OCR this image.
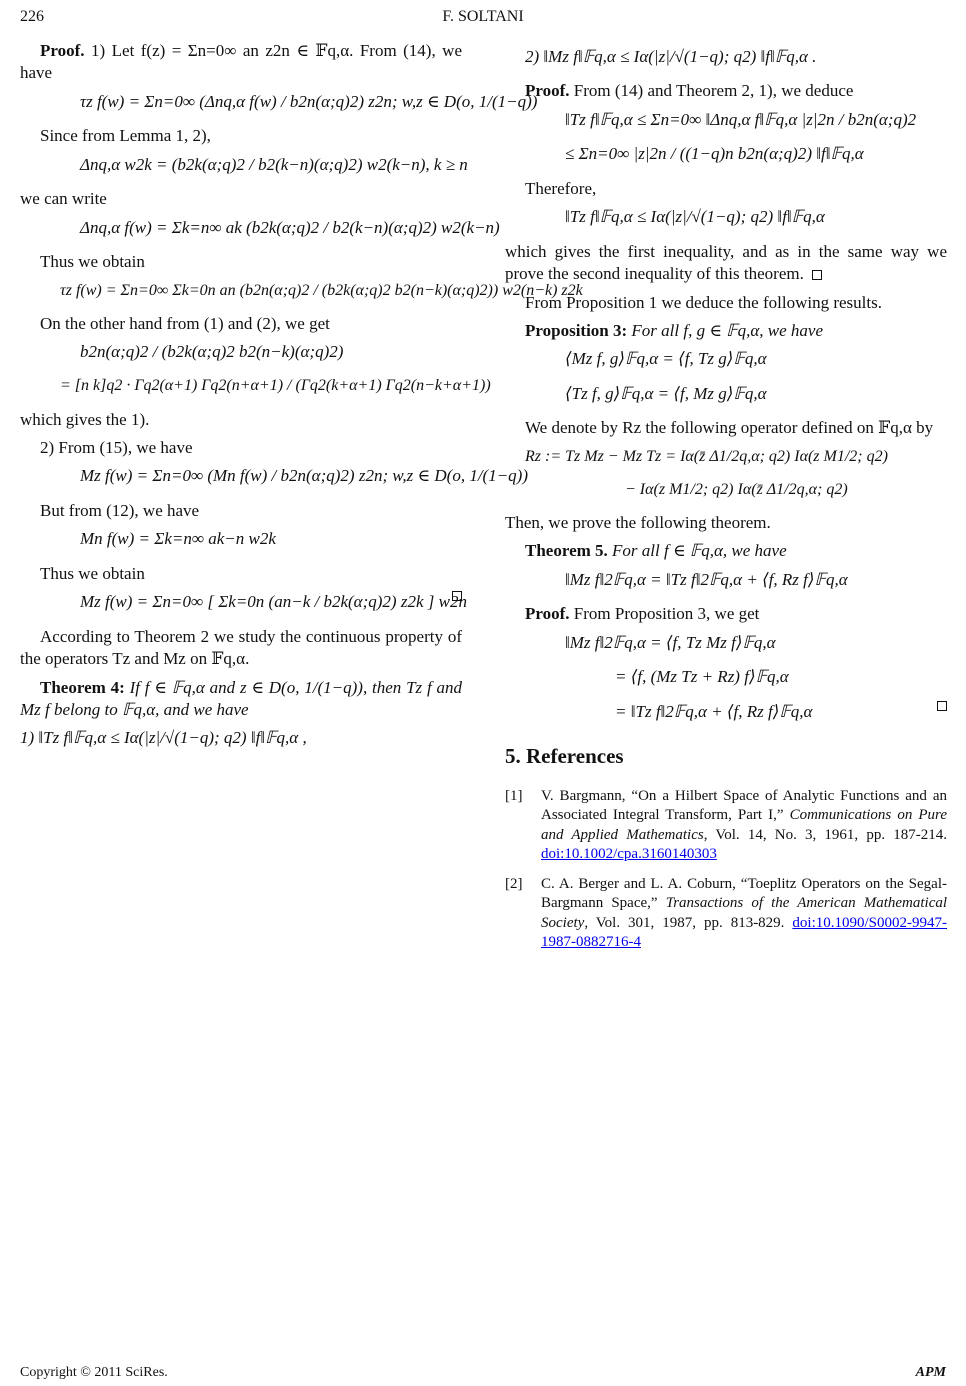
226	F. SOLTANI

Proof. 1) Let f(z) = Σn=0∞ an z2n ∈ 𝔽q,α. From (14), we have

τz f(w) = Σn=0∞ (Δnq,α f(w) / b2n(α;q)2) z2n; w,z ∈ D(o, 1/(1−q))

Since from Lemma 1, 2),

Δnq,α w2k = (b2k(α;q)2 / b2(k−n)(α;q)2) w2(k−n), k ≥ n

we can write

Δnq,α f(w) = Σk=n∞ ak (b2k(α;q)2 / b2(k−n)(α;q)2) w2(k−n)

Thus we obtain

τz f(w) = Σn=0∞ Σk=0n an (b2n(α;q)2 / (b2k(α;q)2 b2(n−k)(α;q)2)) w2(n−k) z2k

On the other hand from (1) and (2), we get

b2n(α;q)2 / (b2k(α;q)2 b2(n−k)(α;q)2)
= [n k]q2 · Γq2(α+1) Γq2(n+α+1) / (Γq2(k+α+1) Γq2(n−k+α+1))

which gives the 1).

2) From (15), we have

Mz f(w) = Σn=0∞ (Mn f(w) / b2n(α;q)2) z2n; w,z ∈ D(o, 1/(1−q))

But from (12), we have

Mn f(w) = Σk=n∞ ak−n w2k

Thus we obtain

Mz f(w) = Σn=0∞ [ Σk=0n (an−k / b2k(α;q)2) z2k ] w2n

According to Theorem 2 we study the continuous property of the operators Tz and Mz on 𝔽q,α.

Theorem 4: If f ∈ 𝔽q,α and z ∈ D(o, 1/(1−q)), then Tz f and Mz f belong to 𝔽q,α, and we have

1) ‖Tz f‖𝔽q,α ≤ Iα(|z|/√(1−q); q2) ‖f‖𝔽q,α ,
2) ‖Mz f‖𝔽q,α ≤ Iα(|z|/√(1−q); q2) ‖f‖𝔽q,α .

Proof. From (14) and Theorem 2, 1), we deduce

‖Tz f‖𝔽q,α ≤ Σn=0∞ ‖Δnq,α f‖𝔽q,α |z|2n / b2n(α;q)2
≤ Σn=0∞ |z|2n / ((1−q)n b2n(α;q)2) ‖f‖𝔽q,α

Therefore,

‖Tz f‖𝔽q,α ≤ Iα(|z|/√(1−q); q2) ‖f‖𝔽q,α

which gives the first inequality, and as in the same way we prove the second inequality of this theorem.

From Proposition 1 we deduce the following results.

Proposition 3: For all f, g ∈ 𝔽q,α, we have

⟨Mz f, g⟩𝔽q,α = ⟨f, Tz g⟩𝔽q,α
⟨Tz f, g⟩𝔽q,α = ⟨f, Mz g⟩𝔽q,α

We denote by Rz the following operator defined on 𝔽q,α by

Rz := Tz Mz − Mz Tz = Iα(z̄ Δ1/2q,α; q2) Iα(z M1/2; q2)
− Iα(z M1/2; q2) Iα(z̄ Δ1/2q,α; q2)

Then, we prove the following theorem.

Theorem 5. For all f ∈ 𝔽q,α, we have

‖Mz f‖2𝔽q,α = ‖Tz f‖2𝔽q,α + ⟨f, Rz f⟩𝔽q,α

Proof. From Proposition 3, we get

‖Mz f‖2𝔽q,α = ⟨f, Tz Mz f⟩𝔽q,α
= ⟨f, (Mz Tz + Rz) f⟩𝔽q,α
= ‖Tz f‖2𝔽q,α + ⟨f, Rz f⟩𝔽q,α
5. References
[1] V. Bargmann, “On a Hilbert Space of Analytic Functions and an Associated Integral Transform, Part I,” Communications on Pure and Applied Mathematics, Vol. 14, No. 3, 1961, pp. 187-214. doi:10.1002/cpa.3160140303
[2] C. A. Berger and L. A. Coburn, “Toeplitz Operators on the Segal-Bargmann Space,” Transactions of the American Mathematical Society, Vol. 301, 1987, pp. 813-829. doi:10.1090/S0002-9947-1987-0882716-4
Copyright © 2011 SciRes.	APM
